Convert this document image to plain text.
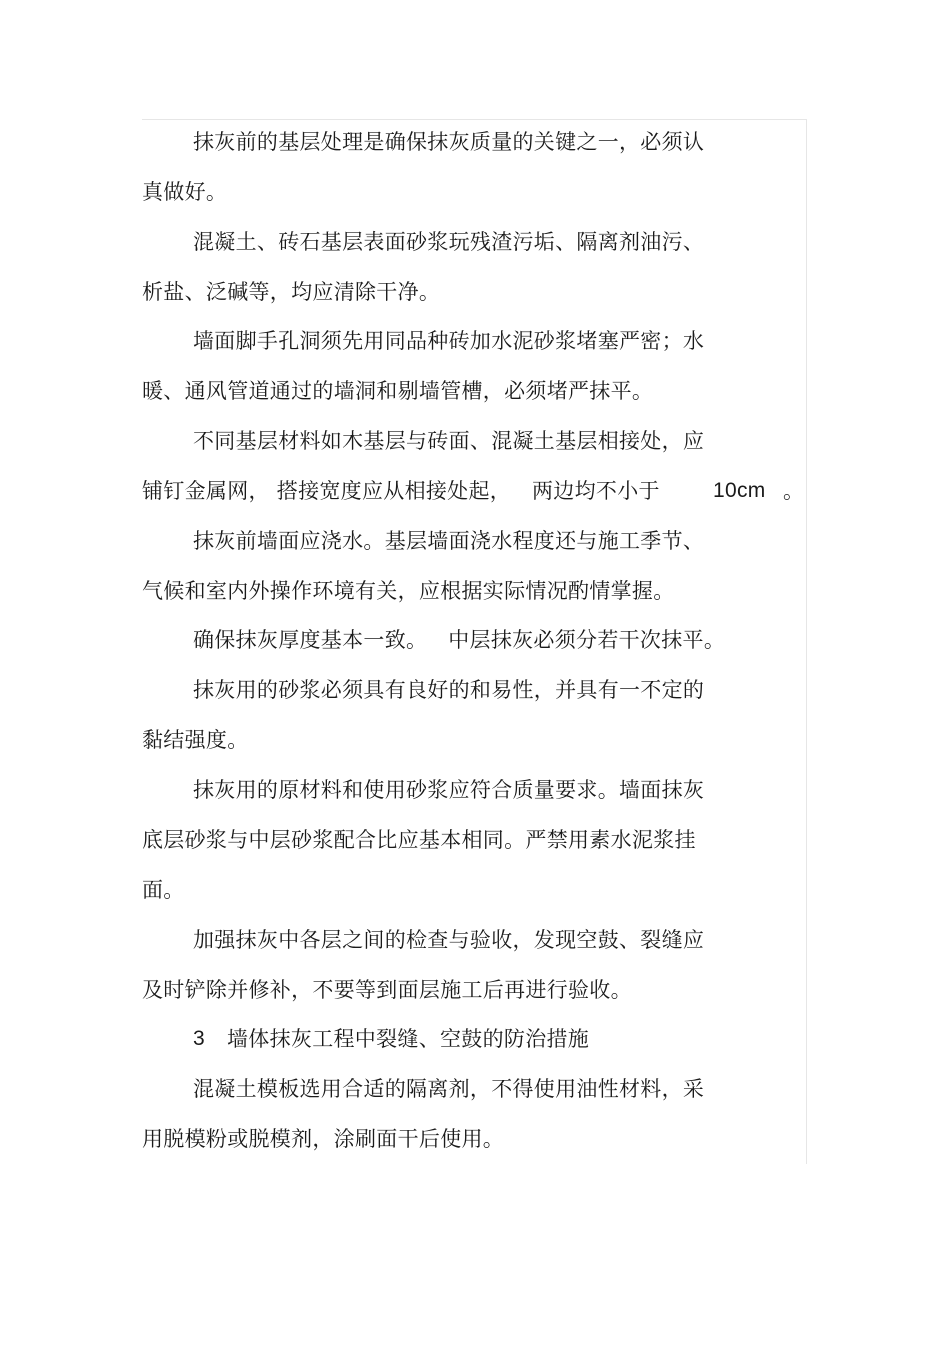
抹灰前的基层处理是确保抹灰质量的关键之一，必须认
真做好。
混凝土、砖石基层表面砂浆玩残渣污垢、隔离剂油污、
析盐、泛碱等，均应清除干净。
墙面脚手孔洞须先用同品种砖加水泥砂浆堵塞严密；水
暖、通风管道通过的墙洞和剔墙管槽，必须堵严抹平。
不同基层材料如木基层与砖面、混凝土基层相接处，应
铺钉金属网， 搭接宽度应从相接处起，   两边均不小于	10cm 。
抹灰前墙面应浇水。基层墙面浇水程度还与施工季节、
气候和室内外操作环境有关，应根据实际情况酌情掌握。
确保抹灰厚度基本一致。   中层抹灰必须分若干次抹平。
抹灰用的砂浆必须具有良好的和易性，并具有一不定的
黏结强度。
抹灰用的原材料和使用砂浆应符合质量要求。墙面抹灰
底层砂浆与中层砂浆配合比应基本相同。严禁用素水泥浆挂
面。
加强抹灰中各层之间的检查与验收，发现空鼓、裂缝应
及时铲除并修补，不要等到面层施工后再进行验收。
3 墙体抹灰工程中裂缝、空鼓的防治措施
混凝土模板选用合适的隔离剂，不得使用油性材料，采
用脱模粉或脱模剂，涂刷面干后使用。
